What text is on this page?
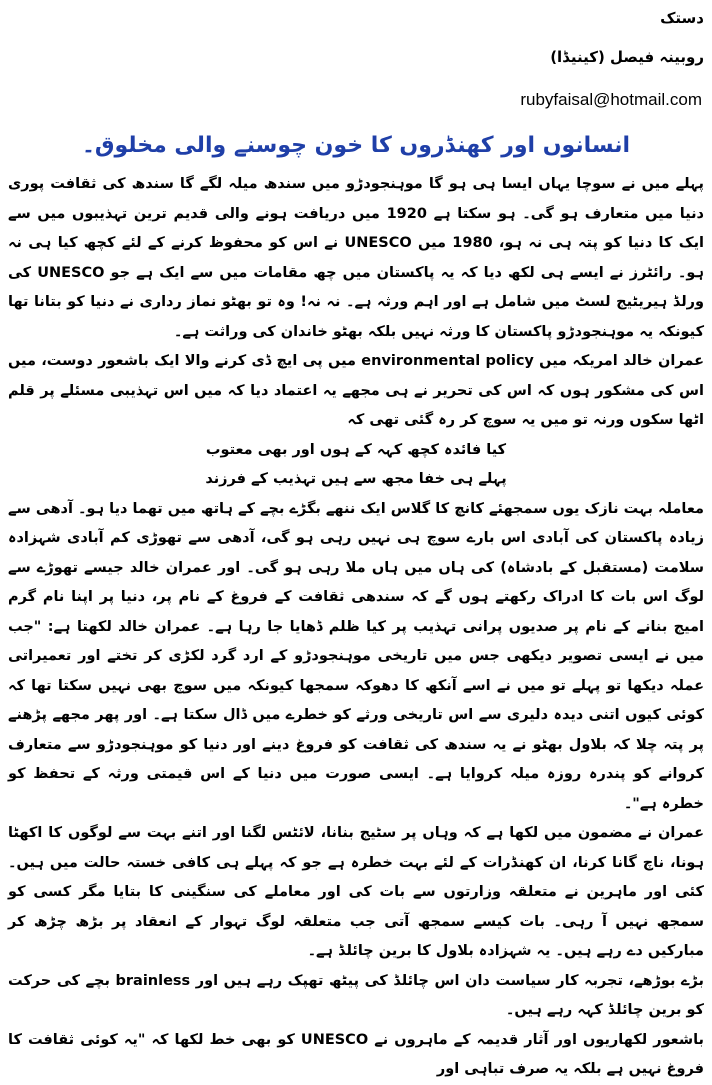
دستک
روبینہ فیصل (کینیڈا)
rubyfaisal@hotmail.com
انسانوں اور کھنڈروں کا خون چوسنے والی مخلوق۔

پہلے میں نے سوچا یہاں ایسا ہی ہو گا موہنجودڑو میں سندھ میلہ لگے گا سندھ کی ثقافت پوری دنیا میں متعارف ہو گی۔ ہو سکتا ہے 1920 میں دریافت ہونے والی قدیم ترین تہذیبوں میں سے ایک کا دنیا کو پتہ ہی نہ ہو، 1980 میں UNESCO نے اس کو محفوظ کرنے کے لئے کچھ کیا ہی نہ ہو۔ رائٹرز نے ایسے ہی لکھ دیا کہ یہ پاکستان میں چھ مقامات میں سے ایک ہے جو UNESCO کی ورلڈ ہیریٹیج لسٹ میں شامل ہے اور اہم ورثہ ہے۔ نہ نہ! وہ تو بھٹو نماز رداری نے دنیا کو بتانا تھا کیونکہ یہ موہنجودڑو پاکستان کا ورثہ نہیں بلکہ بھٹو خاندان کی وراثت ہے۔

عمران خالد امریکہ میں environmental policy میں پی ایچ ڈی کرنے والا ایک باشعور دوست، میں اس کی مشکور ہوں کہ اس کی تحریر نے ہی مجھے یہ اعتماد دیا کہ میں اس تہذیبی مسئلے پر قلم اٹھا سکوں ورنہ تو میں یہ سوچ کر رہ گئی تھی کہ

کیا فائدہ کچھ کہہ کے ہوں اور بھی معتوب
پہلے ہی خفا مجھ سے ہیں تہذیب کے فرزند

معاملہ بہت نازک یوں سمجھئے کانچ کا گلاس ایک ننھے بگڑے بچے کے ہاتھ میں تھما دیا ہو۔ آدھی سے زیادہ پاکستان کی آبادی اس بارے سوچ ہی نہیں رہی ہو گی، آدھی سے تھوڑی کم آبادی شہزادہ سلامت (مستقبل کے بادشاہ) کی ہاں میں ہاں ملا رہی ہو گی۔ اور عمران خالد جیسے تھوڑے سے لوگ اس بات کا ادراک رکھتے ہوں گے کہ سندھی ثقافت کے فروغ کے نام پر، دنیا پر اپنا نام گرم امیج بنانے کے نام پر صدیوں پرانی تہذیب پر کیا ظلم ڈھایا جا رہا ہے۔ عمران خالد لکھتا ہے: "جب میں نے ایسی تصویر دیکھی جس میں تاریخی موہنجودڑو کے ارد گرد لکڑی کر تختے اور تعمیراتی عملہ دیکھا تو پہلے تو میں نے اسے آنکھ کا دھوکہ سمجھا کیونکہ میں سوچ بھی نہیں سکتا تھا کہ کوئی کیوں اتنی دیدہ دلیری سے اس تاریخی ورثے کو خطرے میں ڈال سکتا ہے۔ اور پھر مجھے پڑھنے پر پتہ چلا کہ بلاول بھٹو نے یہ سندھ کی ثقافت کو فروغ دینے اور دنیا کو موہنجودڑو سے متعارف کروانے کو پندرہ روزہ میلہ کروایا ہے۔ ایسی صورت میں دنیا کے اس قیمتی ورثہ کے تحفظ کو خطرہ ہے"۔

عمران نے مضمون میں لکھا ہے کہ وہاں پر سٹیج بنانا، لائٹس لگنا اور اتنے بہت سے لوگوں کا اکھٹا ہونا، ناچ گانا کرنا، ان کھنڈرات کے لئے بہت خطرہ ہے جو کہ پہلے ہی کافی خستہ حالت میں ہیں۔ کئی اور ماہرین نے متعلقہ وزارتوں سے بات کی اور معاملے کی سنگینی کا بتایا مگر کسی کو سمجھ نہیں آ رہی۔ بات کیسے سمجھ آتی جب متعلقہ لوگ تہوار کے انعقاد پر بڑھ چڑھ کر مبارکیں دے رہے ہیں۔ یہ شہزادہ بلاول کا برین چائلڈ ہے۔

بڑے بوڑھے، تجربہ کار سیاست دان اس چائلڈ کی پیٹھ تھپک رہے ہیں اور brainless بچے کی حرکت کو برین چائلڈ کہہ رہے ہیں۔

باشعور لکھاریوں اور آثار قدیمہ کے ماہروں نے UNESCO کو بھی خط لکھا کہ "یہ کوئی ثقافت کا فروغ نہیں ہے بلکہ یہ صرف تباہی اور
